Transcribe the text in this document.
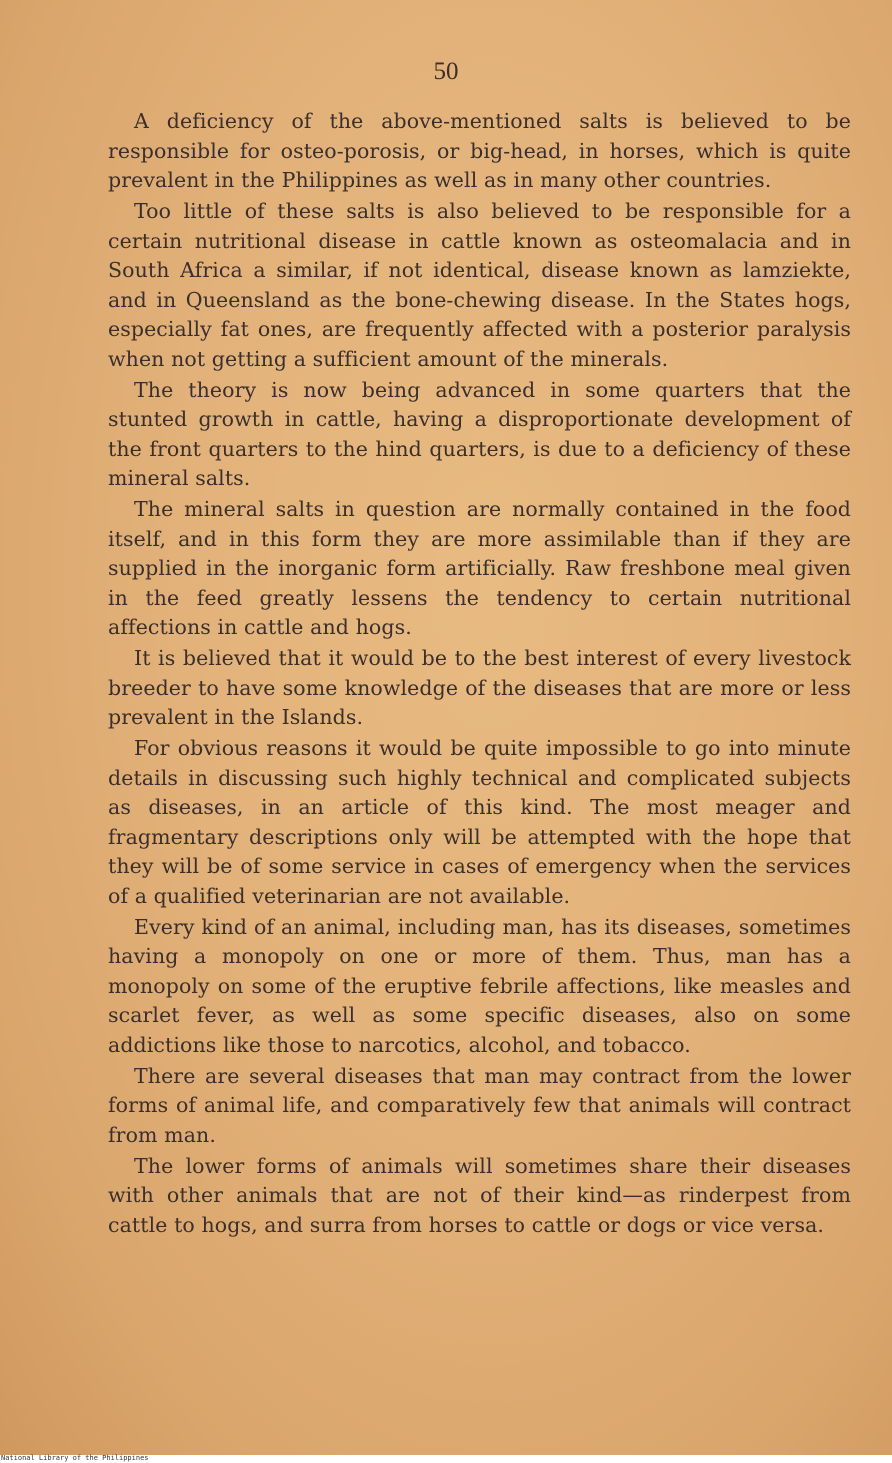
50

A deficiency of the above-mentioned salts is believed to be responsible for osteo-porosis, or big-head, in horses, which is quite prevalent in the Philippines as well as in many other countries.

Too little of these salts is also believed to be responsible for a certain nutritional disease in cattle known as osteomalacia and in South Africa a similar, if not identical, disease known as lamziekte, and in Queensland as the bone-chewing disease. In the States hogs, especially fat ones, are frequently affected with a posterior paralysis when not getting a sufficient amount of the minerals.

The theory is now being advanced in some quarters that the stunted growth in cattle, having a disproportionate development of the front quarters to the hind quarters, is due to a deficiency of these mineral salts.

The mineral salts in question are normally contained in the food itself, and in this form they are more assimilable than if they are supplied in the inorganic form artificially. Raw freshbone meal given in the feed greatly lessens the tendency to certain nutritional affections in cattle and hogs.

It is believed that it would be to the best interest of every livestock breeder to have some knowledge of the diseases that are more or less prevalent in the Islands.

For obvious reasons it would be quite impossible to go into minute details in discussing such highly technical and complicated subjects as diseases, in an article of this kind. The most meager and fragmentary descriptions only will be attempted with the hope that they will be of some service in cases of emergency when the services of a qualified veterinarian are not available.

Every kind of an animal, including man, has its diseases, sometimes having a monopoly on one or more of them. Thus, man has a monopoly on some of the eruptive febrile affections, like measles and scarlet fever, as well as some specific diseases, also on some addictions like those to narcotics, alcohol, and tobacco.

There are several diseases that man may contract from the lower forms of animal life, and comparatively few that animals will contract from man.

The lower forms of animals will sometimes share their diseases with other animals that are not of their kind—as rinderpest from cattle to hogs, and surra from horses to cattle or dogs or vice versa.

National Library of the Philippines
